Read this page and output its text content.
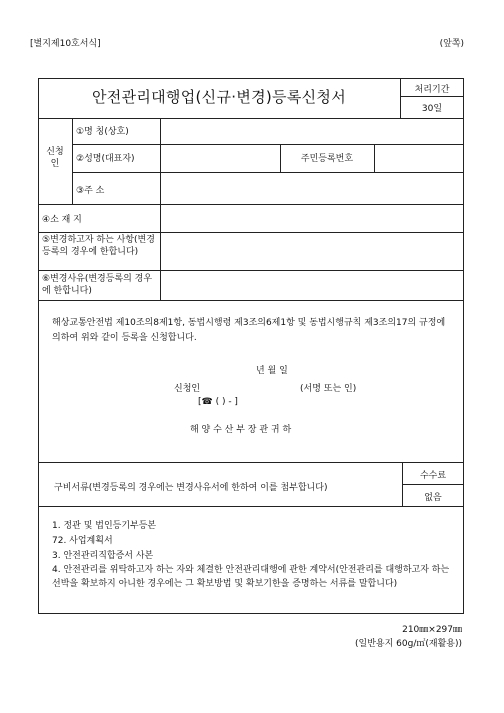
[별지제10호서식]	(앞쪽)
안전관리대행업(신규·변경)등록신청서	처리기간
30일
신청인
①명 칭(상호)
②성명(대표자)	주민등록번호
③주 소
④소 재 지
⑤변경하고자 하는 사항(변경등록의 경우에 한합니다)
⑥변경사유(변경등록의 경우에 한합니다)
해상교통안전법 제10조의8제1항, 동법시행령 제3조의6제1항 및 동법시행규칙 제3조의17의 규정에 의하여 위와 같이 등록을 신청합니다.
년 월 일
신청인	(서명 또는 인)
[☎ ( ) - ]
해 양 수 산 부 장 관 귀 하
구비서류(변경등록의 경우에는 변경사유서에 한하여 이를 첨부합니다)
수수료
없음
1. 정관 및 법인등기부등본
72. 사업계획서
3. 안전관리직합증서 사본
4. 안전관리를 위탁하고자 하는 자와 체결한 안전관리대행에 관한 계약서(안전관리를 대행하고자 하는 선박을 확보하지 아니한 경우에는 그 확보방법 및 확보기한을 증명하는 서류를 말합니다)
210㎜×297㎜
(일반용지 60g/㎡(재활용))
